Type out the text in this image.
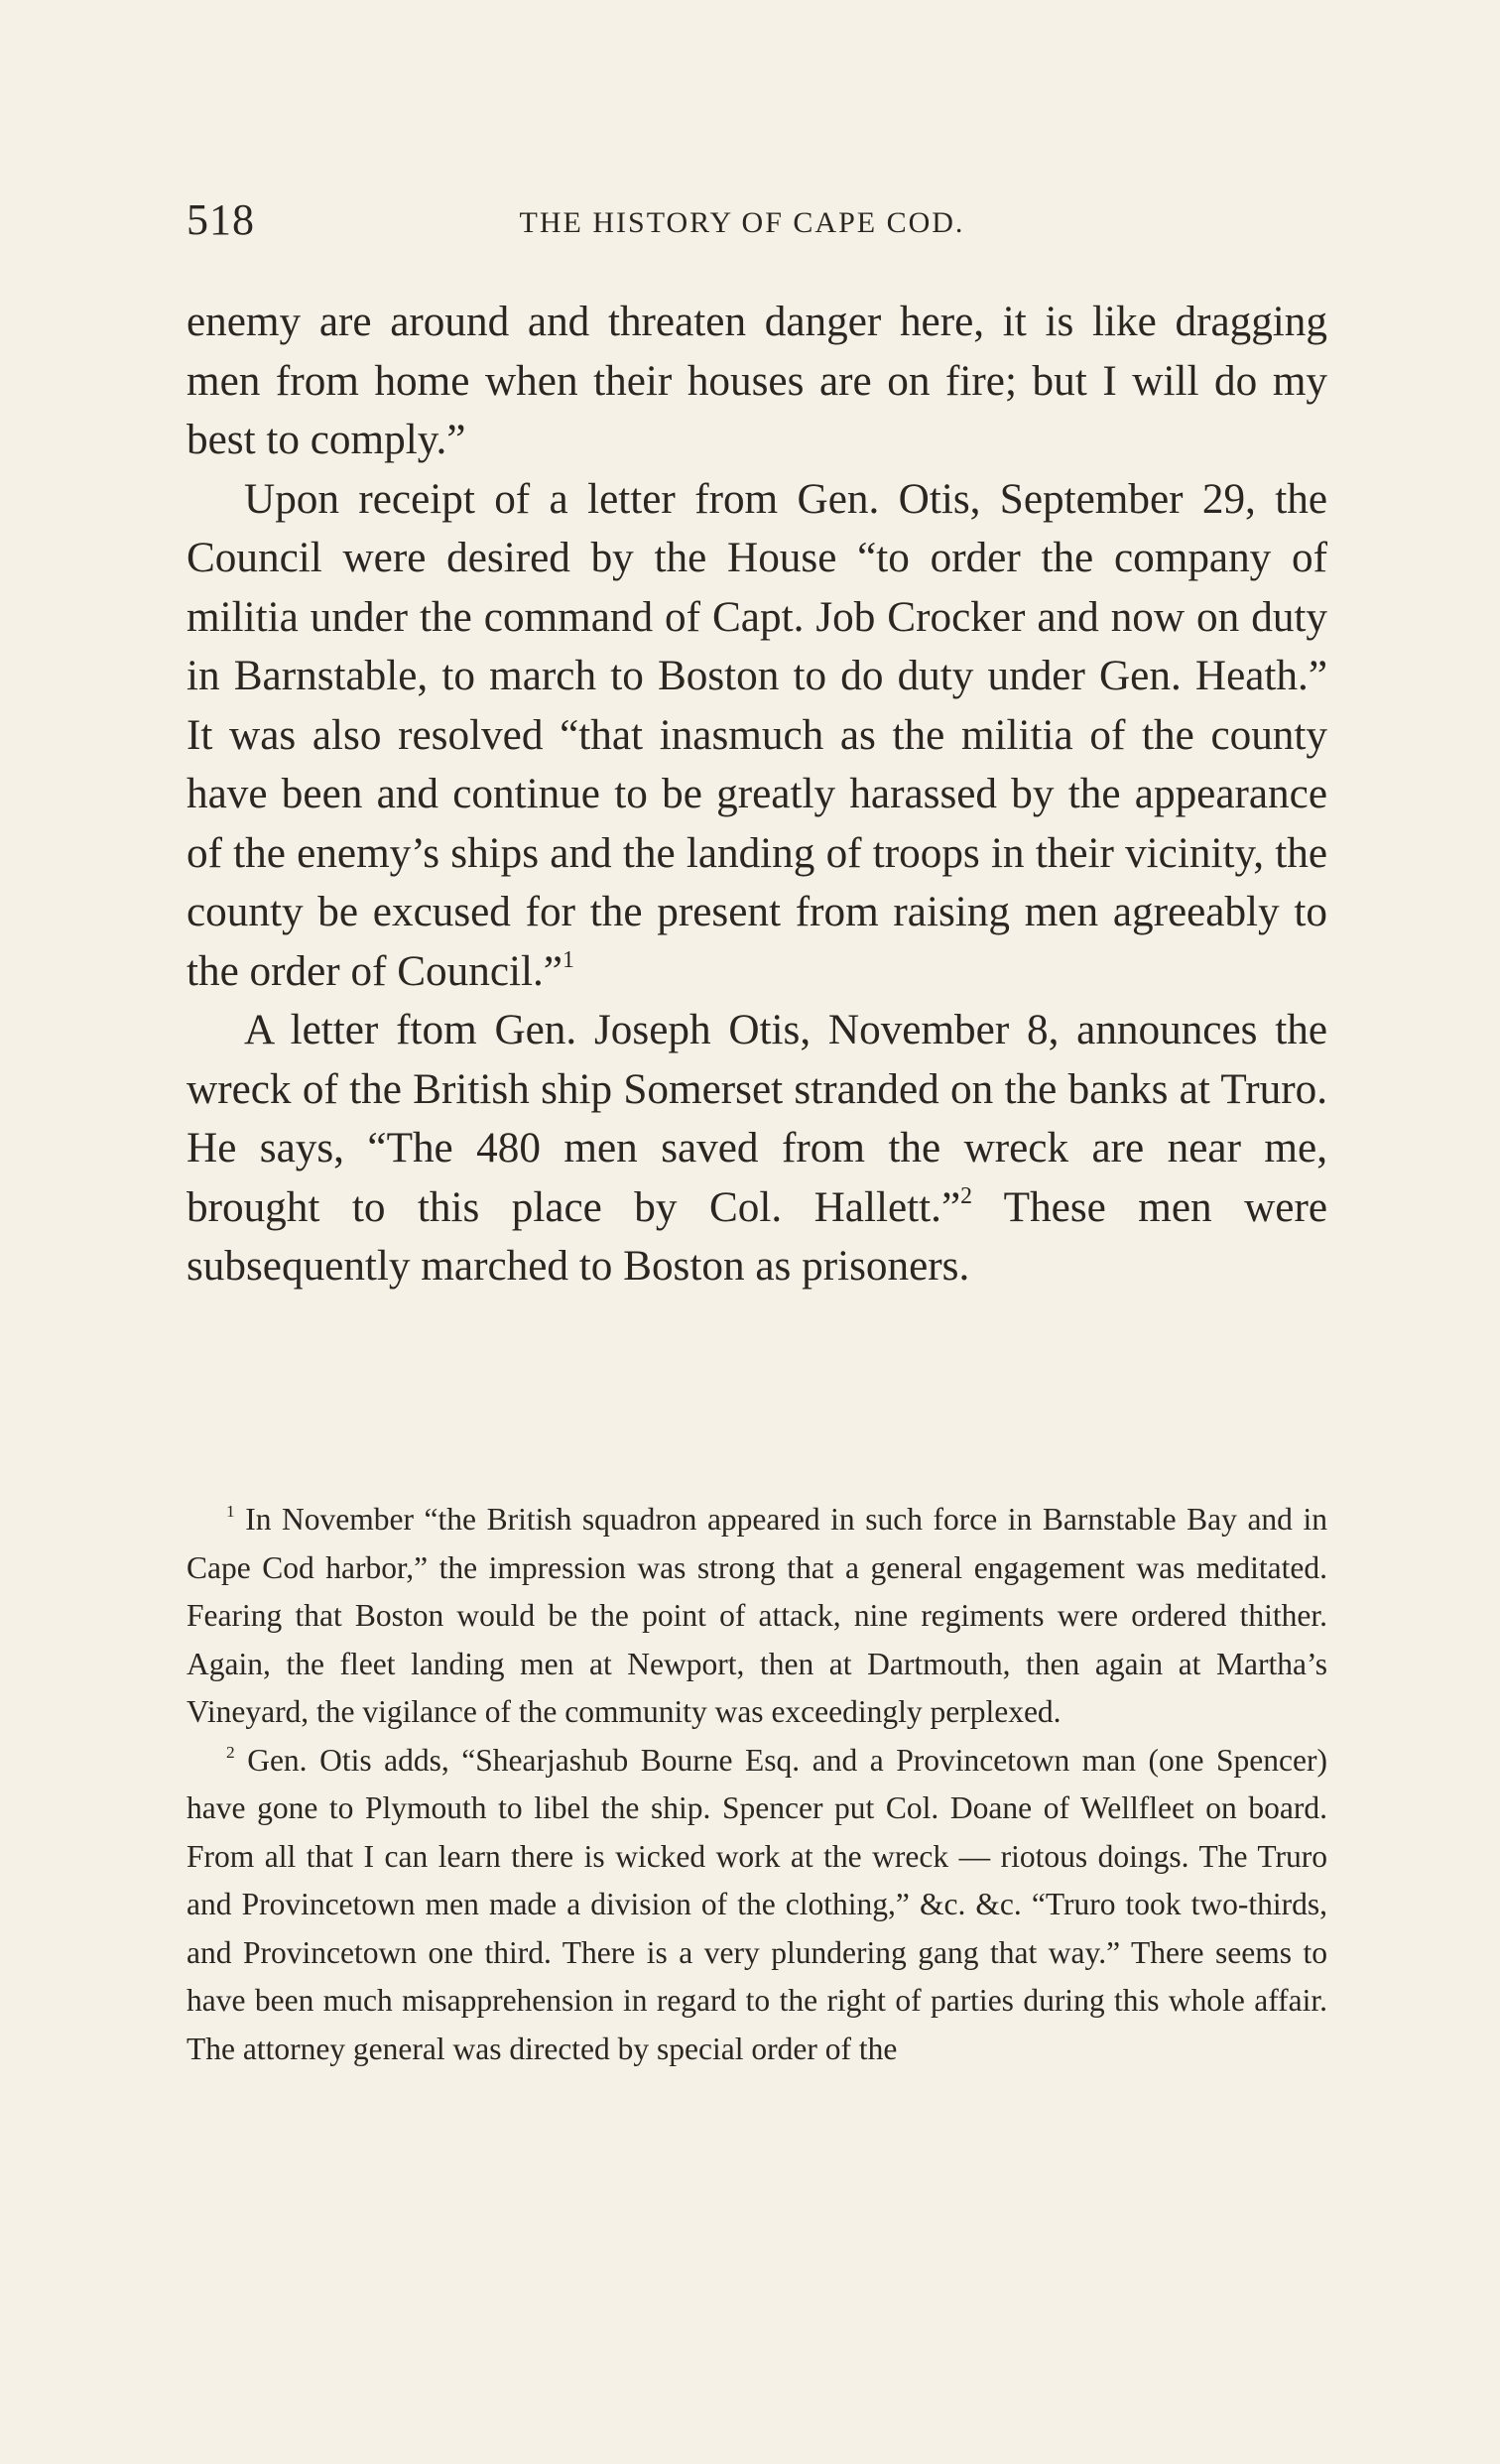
518	THE HISTORY OF CAPE COD.

enemy are around and threaten danger here, it is like dragging men from home when their houses are on fire; but I will do my best to comply.”

Upon receipt of a letter from Gen. Otis, September 29, the Council were desired by the House “to order the company of militia under the command of Capt. Job Crocker and now on duty in Barnstable, to march to Boston to do duty under Gen. Heath.” It was also resolved “that inasmuch as the militia of the county have been and continue to be greatly harassed by the appearance of the enemy’s ships and the landing of troops in their vicinity, the county be excused for the present from raising men agreeably to the order of Council.”$^1$

A letter ftom Gen. Joseph Otis, November 8, announces the wreck of the British ship Somerset stranded on the banks at Truro. He says, “The 480 men saved from the wreck are near me, brought to this place by Col. Hallett.”$^2$ These men were subsequently marched to Boston as prisoners.

$^1$ In November “the British squadron appeared in such force in Barnstable Bay and in Cape Cod harbor,” the impression was strong that a general engagement was meditated. Fearing that Boston would be the point of attack, nine regiments were ordered thither. Again, the fleet landing men at Newport, then at Dartmouth, then again at Martha’s Vineyard, the vigilance of the community was exceedingly perplexed.

$^2$ Gen. Otis adds, “Shearjashub Bourne Esq. and a Provincetown man (one Spencer) have gone to Plymouth to libel the ship. Spencer put Col. Doane of Wellfleet on board. From all that I can learn there is wicked work at the wreck — riotous doings. The Truro and Provincetown men made a division of the clothing,” &c. &c. “Truro took two-thirds, and Provincetown one third. There is a very plundering gang that way.” There seems to have been much misapprehension in regard to the right of parties during this whole affair. The attorney general was directed by special order of the
